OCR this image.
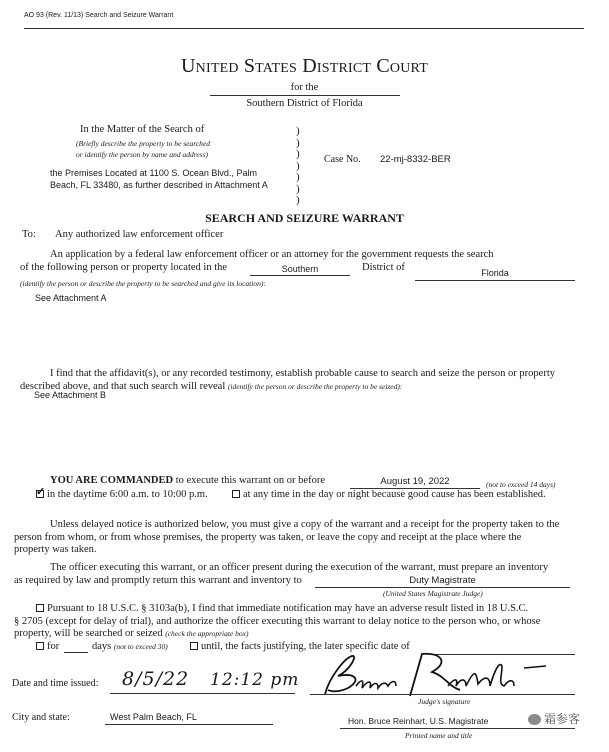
AO 93 (Rev. 11/13) Search and Seizure Warrant
United States District Court
for the
Southern District of Florida
In the Matter of the Search of
(Briefly describe the property to be searched
or identify the person by name and address)
the Premises Located at 1100 S. Ocean Blvd., Palm
Beach, FL 33480, as further described in Attachment A
)
)
)
)
)
)
)
Case No. 22-mj-8332-BER
SEARCH AND SEIZURE WARRANT
To: Any authorized law enforcement officer
An application by a federal law enforcement officer or an attorney for the government requests the search
of the following person or property located in the	Southern	District of	Florida
(identify the person or describe the property to be searched and give its location):
See Attachment A
I find that the affidavit(s), or any recorded testimony, establish probable cause to search and seize the person or property
described above, and that such search will reveal (identify the person or describe the property to be seized):
See Attachment B
YOU ARE COMMANDED to execute this warrant on or before	August 19, 2022	(not to exceed 14 days)
✓in the daytime 6:00 a.m. to 10:00 p.m.	at any time in the day or night because good cause has been established.
Unless delayed notice is authorized below, you must give a copy of the warrant and a receipt for the property taken to the
person from whom, or from whose premises, the property was taken, or leave the copy and receipt at the place where the
property was taken.
The officer executing this warrant, or an officer present during the execution of the warrant, must prepare an inventory
as required by law and promptly return this warrant and inventory to	Duty Magistrate
(United States Magistrate Judge)
Pursuant to 18 U.S.C. § 3103a(b), I find that immediate notification may have an adverse result listed in 18 U.S.C.
§ 2705 (except for delay of trial), and authorize the officer executing this warrant to delay notice to the person who, or whose
property, will be searched or seized (check the appropriate box)
for	days (not to exceed 30)	until, the facts justifying, the later specific date of
Date and time issued: 8/5/22 12:12 pm
Judge's signature
City and state:	West Palm Beach, FL	Hon. Bruce Reinhart, U.S. Magistrate
Printed name and title
霜参客
